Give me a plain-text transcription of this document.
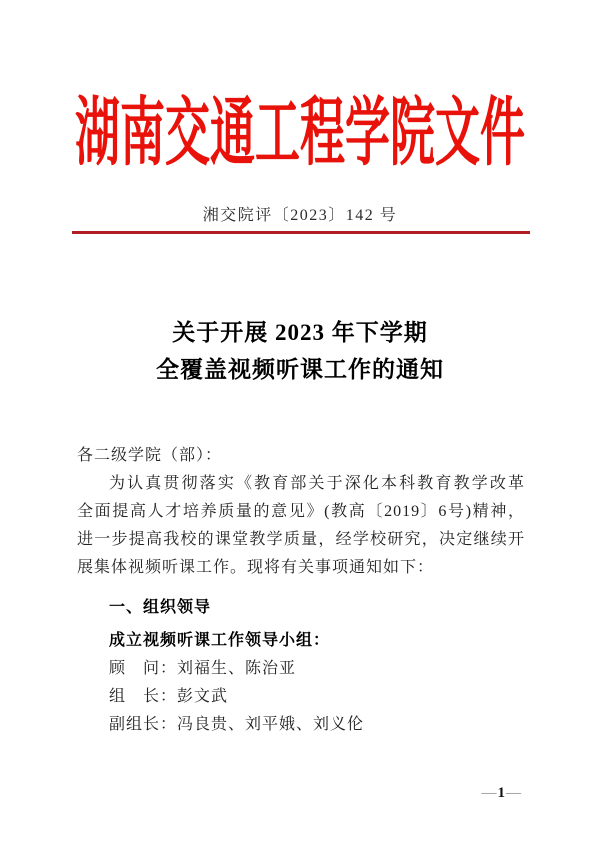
湖南交通工程学院文件
湘交院评〔2023〕142 号
关于开展 2023 年下学期
全覆盖视频听课工作的通知
各二级学院（部）：
为认真贯彻落实《教育部关于深化本科教育教学改革　全面提高人才培养质量的意见》(教高〔2019〕6号)精神，进一步提高我校的课堂教学质量，经学校研究，决定继续开展集体视频听课工作。现将有关事项通知如下：
一、组织领导
成立视频听课工作领导小组：
顾　问：刘福生、陈治亚
组　长：彭文武
副组长：冯良贵、刘平娥、刘义伦
—1—
